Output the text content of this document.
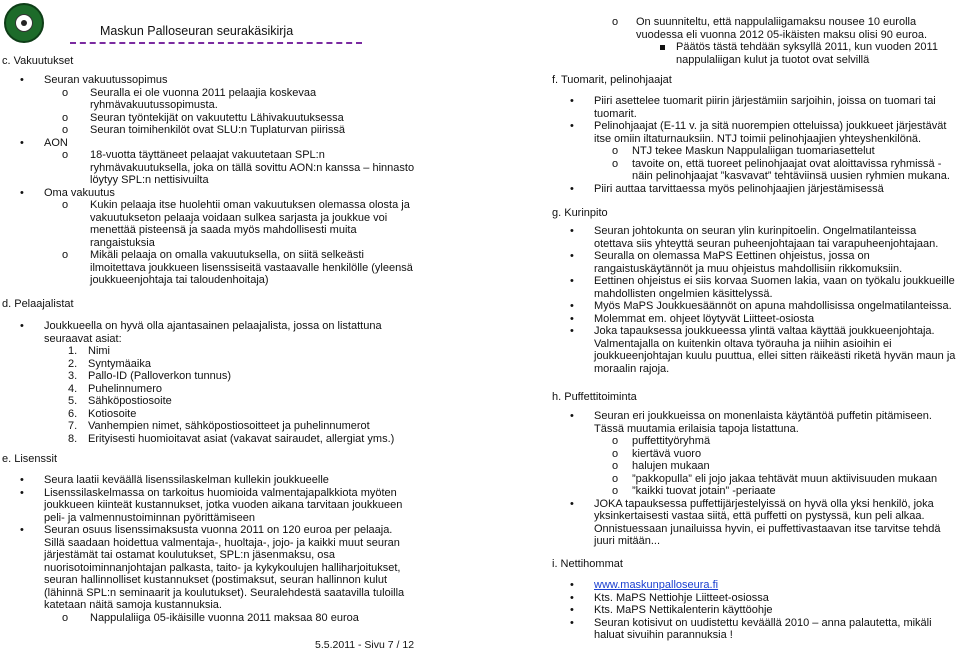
Maskun Palloseuran seurakäsikirja
c. Vakuutukset
• Seuran vakuutussopimus
o Seuralla ei ole vuonna 2011 pelaajia koskevaa ryhmävakuutussopimusta.
o Seuran työntekijät on vakuutettu Lähivakuutuksessa
o Seuran toimihenkilöt ovat SLU:n Tuplaturvan piirissä
• AON
o 18-vuotta täyttäneet pelaajat vakuutetaan SPL:n ryhmävakuutuksella, joka on tällä sovittu AON:n kanssa – hinnasto löytyy SPL:n nettisivuilta
• Oma vakuutus
o Kukin pelaaja itse huolehtii oman vakuutuksen olemassa olosta ja vakuutukseton pelaaja voidaan sulkea sarjasta ja joukkue voi menettää pisteensä ja saada myös mahdollisesti muita rangaistuksia
o Mikäli pelaaja on omalla vakuutuksella, on siitä selkeästi ilmoitettava joukkueen lisenssiseitä vastaavalle henkilölle (yleensä joukkueenjohtaja tai taloudenhoitaja)
d. Pelaajalistat
• Joukkueella on hyvä olla ajantasainen pelaajalista, jossa on listattuna seuraavat asiat:
1. Nimi
2. Syntymäaika
3. Pallo-ID (Palloverkon tunnus)
4. Puhelinnumero
5. Sähköpostiosoite
6. Kotiosoite
7. Vanhempien nimet, sähköpostiosoitteet ja puhelinnumerot
8. Erityisesti huomioitavat asiat (vakavat sairaudet, allergiat yms.)
e. Lisenssit
• Seura laatii keväällä lisenssilaskelman kullekin joukkueelle
• Lisenssilaskelmassa on tarkoitus huomioida valmentajapalkkiota myöten joukkueen kiinteät kustannukset, jotka vuoden aikana tarvitaan joukkueen peli- ja valmennustoiminnan pyörittämiseen
• Seuran osuus lisenssimaksusta vuonna 2011 on 120 euroa per pelaaja. Sillä saadaan hoidettua valmentaja-, huoltaja-, jojo- ja kaikki muut seuran järjestämät tai ostamat koulutukset, SPL:n jäsenmaksu, osa nuorisotoiminnanjohtajan palkasta, taito- ja kykykoulujen halliharjoitukset, seuran hallinnolliset kustannukset (postimaksut, seuran hallinnon kulut (lähinnä SPL:n seminaarit ja koulutukset). Seuralehdestä saatavilla tuloilla katetaan näitä samoja kustannuksia.
o Nappulaliiga 05-ikäisille vuonna 2011 maksaa 80 euroa
o On suunniteltu, että nappulaliigamaksu nousee 10 eurolla vuodessa eli vuonna 2012 05-ikäisten maksu olisi 90 euroa.
Päätös tästä tehdään syksyllä 2011, kun vuoden 2011 nappulaliigan kulut ja tuotot ovat selvillä
f. Tuomarit, pelinohjaajat
• Piiri asettelee tuomarit piirin järjestämiin sarjoihin, joissa on tuomari tai tuomarit.
• Pelinohjaajat (E-11 v. ja sitä nuorempien otteluissa) joukkueet järjestävät itse omiin iltaturnauksiin. NTJ toimii pelinohjaajien yhteyshenkilönä.
o NTJ tekee Maskun Nappulaliigan tuomariasettelut
o tavoite on, että tuoreet pelinohjaajat ovat aloittavissa ryhmissä - näin pelinohjaajat ”kasvavat” tehtäviinsä uusien ryhmien mukana.
• Piiri auttaa tarvittaessa myös pelinohjaajien järjestämisessä
g. Kurinpito
• Seuran johtokunta on seuran ylin kurinpitoelin. Ongelmatilanteissa otettava siis yhteyttä seuran puheenjohtajaan tai varapuheenjohtajaan.
• Seuralla on olemassa MaPS Eettinen ohjeistus, jossa on rangaistuskäytännöt ja muu ohjeistus mahdollisiin rikkomuksiin.
• Eettinen ohjeistus ei siis korvaa Suomen lakia, vaan on työkalu joukkueille mahdollisten ongelmien käsittelyssä.
• Myös MaPS Joukkuesäännöt on apuna mahdollisissa ongelmatilanteissa.
• Molemmat em. ohjeet löytyvät Liitteet-osiosta
• Joka tapauksessa joukkueessa ylintä valtaa käyttää joukkueenjohtaja. Valmentajalla on kuitenkin oltava työrauha ja niihin asioihin ei joukkueenjohtajan kuulu puuttua, ellei sitten räikeästi riketä hyvän maun ja moraalin rajoja.
h. Puffettitoiminta
• Seuran eri joukkueissa on monenlaista käytäntöä puffetin pitämiseen. Tässä muutamia erilaisia tapoja listattuna.
o puffettityöryhmä
o kiertävä vuoro
o halujen mukaan
o ”pakkopulla” eli jojo jakaa tehtävät muun aktiivisuuden mukaan
o ”kaikki tuovat jotain” -periaate
• JOKA tapauksessa puffettijärjestelyissä on hyvä olla yksi henkilö, joka yksinkertaisesti vastaa siitä, että puffetti on pystyssä, kun peli alkaa. Onnistuessaan junailuissa hyvin, ei puffettivastaavan itse tarvitse tehdä juuri mitään...
i. Nettihommat
• www.maskunpalloseura.fi
• Kts. MaPS Nettiohje Liitteet-osiossa
• Kts. MaPS Nettikalenterin käyttöohje
• Seuran kotisivut on uudistettu keväällä 2010 – anna palautetta, mikäli haluat sivuihin parannuksia !
5.5.2011 - Sivu 7 / 12
